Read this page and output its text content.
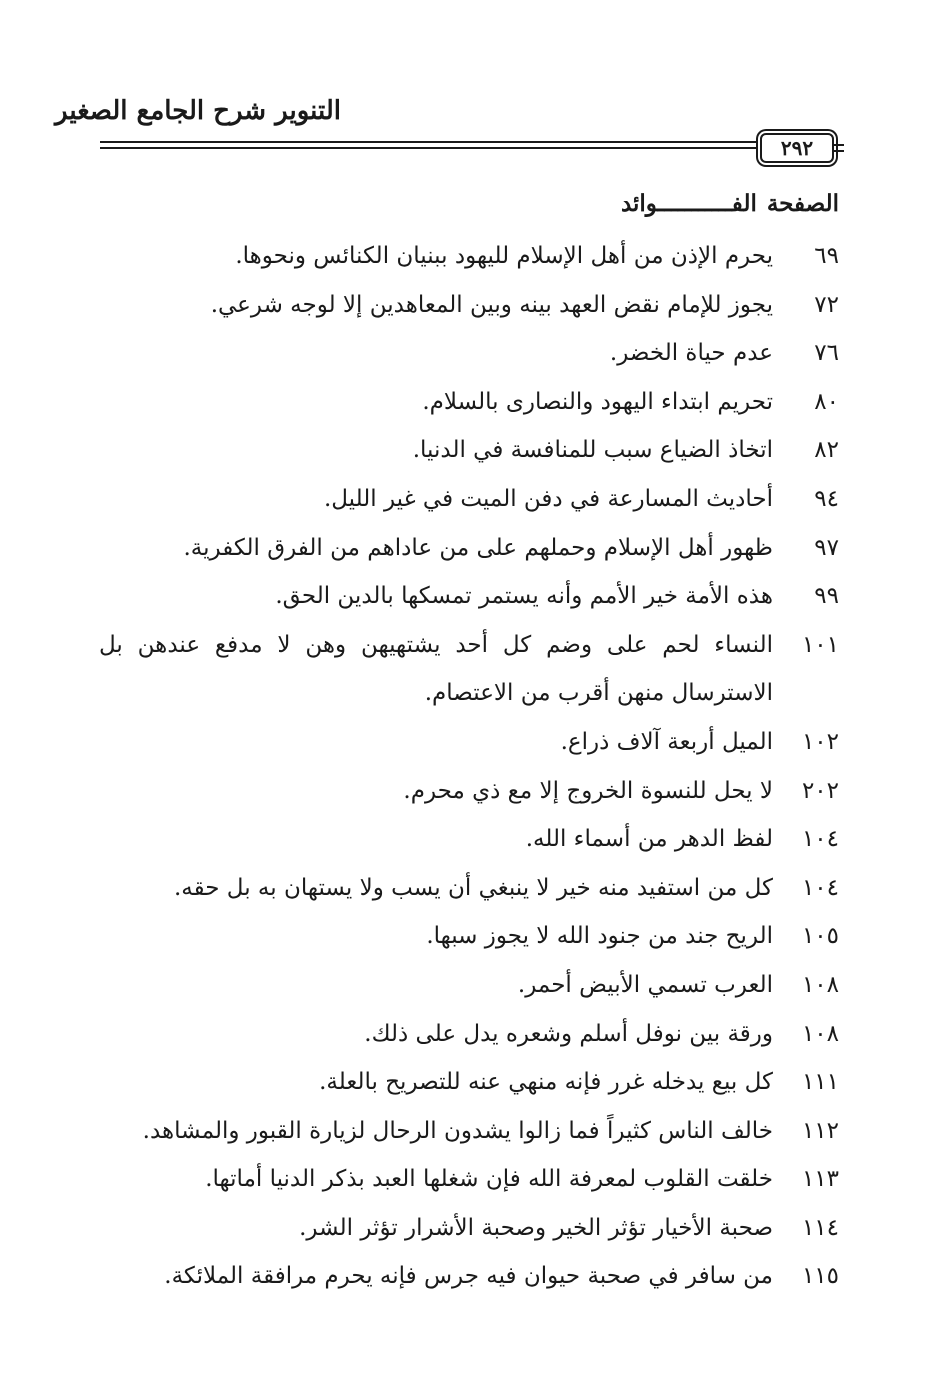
التنوير شرح الجامع الصغير
٢٩٢
الصفحةالفـــــــــــوائد
٦٩
يحرم الإذن من أهل الإسلام لليهود ببنيان الكنائس ونحوها.
٧٢
يجوز للإمام نقض العهد بينه وبين المعاهدين إلا لوجه شرعي.
٧٦
عدم حياة الخضر.
٨٠
تحريم ابتداء اليهود والنصارى بالسلام.
٨٢
اتخاذ الضياع سبب للمنافسة في الدنيا.
٩٤
أحاديث المسارعة في دفن الميت في غير الليل.
٩٧
ظهور أهل الإسلام وحملهم على من عاداهم من الفرق الكفرية.
٩٩
هذه الأمة خير الأمم وأنه يستمر تمسكها بالدين الحق.
١٠١
النساء لحم على وضم كل أحد يشتهيهن وهن لا مدفع عندهن بل الاسترسال منهن أقرب من الاعتصام.
١٠٢
الميل أربعة آلاف ذراع.
٢٠٢
لا يحل للنسوة الخروج إلا مع ذي محرم.
١٠٤
لفظ الدهر من أسماء الله.
١٠٤
كل من استفيد منه خير لا ينبغي أن يسب ولا يستهان به بل حقه.
١٠٥
الريح جند من جنود الله لا يجوز سبها.
١٠٨
العرب تسمي الأبيض أحمر.
١٠٨
ورقة بين نوفل أسلم وشعره يدل على ذلك.
١١١
كل بيع يدخله غرر فإنه منهي عنه للتصريح بالعلة.
١١٢
خالف الناس كثيراً فما زالوا يشدون الرحال لزيارة القبور والمشاهد.
١١٣
خلقت القلوب لمعرفة الله فإن شغلها العبد بذكر الدنيا أماتها.
١١٤
صحبة الأخيار تؤثر الخير وصحبة الأشرار تؤثر الشر.
١١٥
من سافر في صحبة حيوان فيه جرس فإنه يحرم مرافقة الملائكة.
